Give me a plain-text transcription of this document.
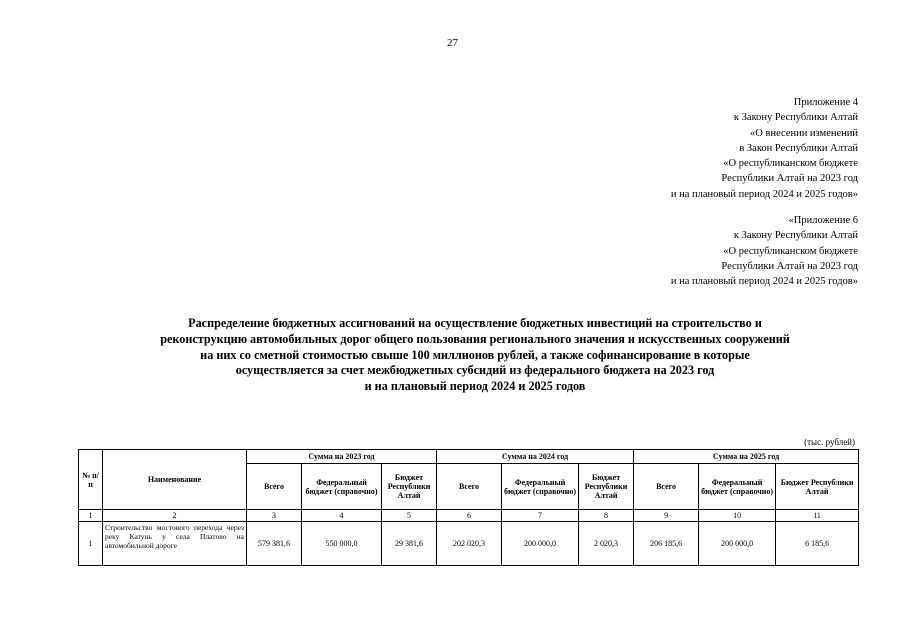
27
Приложение 4
к Закону Республики Алтай
«О внесении изменений
в Закон Республики Алтай
«О республиканском бюджете
Республики Алтай на 2023 год
и на плановый период 2024 и 2025 годов»
«Приложение 6
к Закону Республики Алтай
«О республиканском бюджете
Республики Алтай на 2023 год
и на плановый период 2024 и 2025 годов»
Распределение бюджетных ассигнований на осуществление бюджетных инвестиций на строительство и
реконструкцию автомобильных дорог общего пользования регионального значения и искусственных сооружений
на них со сметной стоимостью свыше 100 миллионов рублей, а также софинансирование в которые
осуществляется за счет межбюджетных субсидий из федерального бюджета на 2023 год
и на плановый период 2024 и 2025 годов
(тыс. рублей)
№ п/п	Наименование	Сумма на 2023 год			Сумма на 2024 год			Сумма на 2025 год		
		Всего	Федеральный бюджет (справочно)	Бюджет Республики Алтай	Всего	Федеральный бюджет (справочно)	Бюджет Республики Алтай	Всего	Федеральный бюджет (справочно)	Бюджет Республики Алтай
1	2	3	4	5	6	7	8	9	10	11
1	Строительство мостового перехода через реку Катунь у села Платово на автомобильной дороге	579 381,6	550 000,0	29 381,6	202 020,3	200 000,0	2 020,3	206 185,6	200 000,0	6 185,6
